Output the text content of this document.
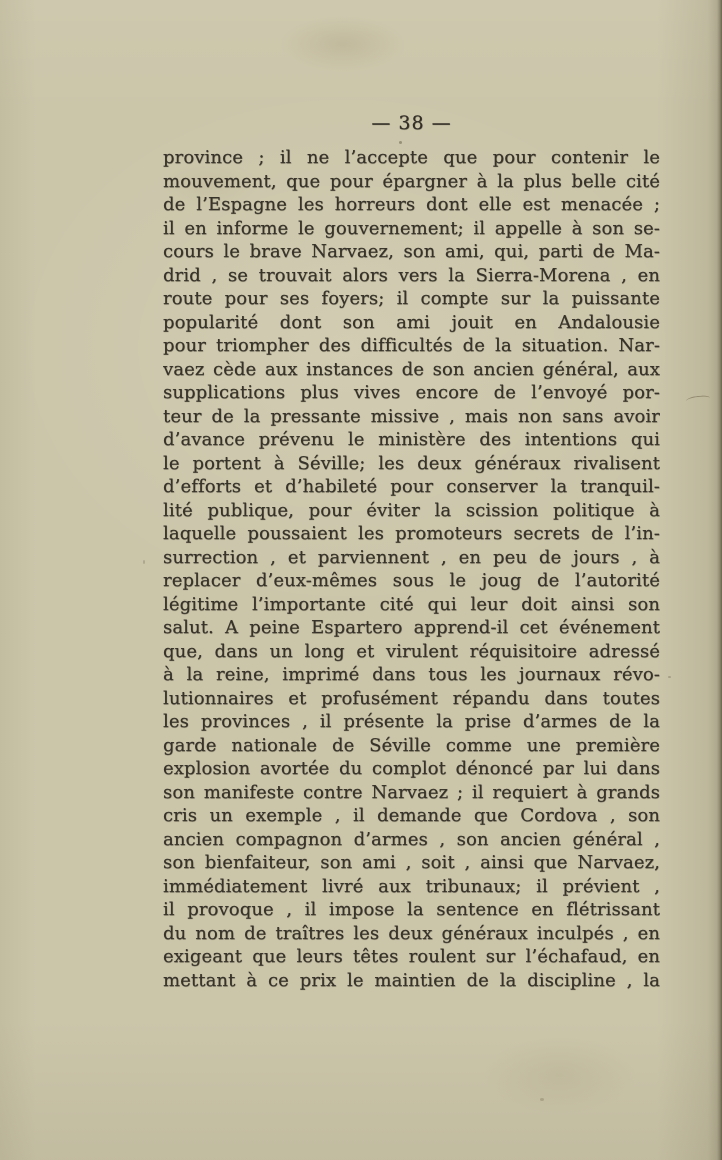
— 38 —
province ; il ne l’accepte que pour contenir le
mouvement, que pour épargner à la plus belle cité
de l’Espagne les horreurs dont elle est menacée ;
il en informe le gouvernement; il appelle à son se-
cours le brave Narvaez, son ami, qui, parti de Ma-
drid , se trouvait alors vers la Sierra-Morena , en
route pour ses foyers; il compte sur la puissante
popularité dont son ami jouit en Andalousie
pour triompher des difficultés de la situation. Nar-
vaez cède aux instances de son ancien général, aux
supplications plus vives encore de l’envoyé por-
teur de la pressante missive , mais non sans avoir
d’avance prévenu le ministère des intentions qui
le portent à Séville; les deux généraux rivalisent
d’efforts et d’habileté pour conserver la tranquil-
lité publique, pour éviter la scission politique à
laquelle poussaient les promoteurs secrets de l’in-
surrection , et parviennent , en peu de jours , à
replacer d’eux-mêmes sous le joug de l’autorité
légitime l’importante cité qui leur doit ainsi son
salut. A peine Espartero apprend-il cet événement
que, dans un long et virulent réquisitoire adressé
à la reine, imprimé dans tous les journaux révo-
lutionnaires et profusément répandu dans toutes
les provinces , il présente la prise d’armes de la
garde nationale de Séville comme une première
explosion avortée du complot dénoncé par lui dans
son manifeste contre Narvaez ; il requiert à grands
cris un exemple , il demande que Cordova , son
ancien compagnon d’armes , son ancien général ,
son bienfaiteur, son ami , soit , ainsi que Narvaez,
immédiatement livré aux tribunaux; il prévient ,
il provoque , il impose la sentence en flétrissant
du nom de traîtres les deux généraux inculpés , en
exigeant que leurs têtes roulent sur l’échafaud, en
mettant à ce prix le maintien de la discipline , la
